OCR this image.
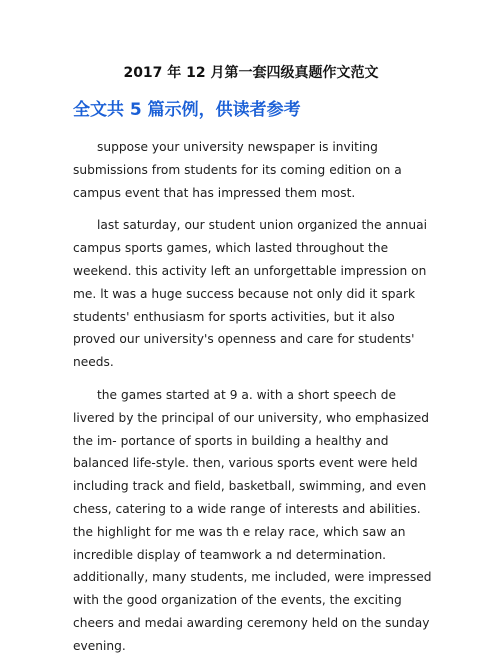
2017 年 12 月第一套四级真题作文范文
全文共 5 篇示例，供读者参考

suppose your university newspaper is inviting submissions from students for its coming edition on a campus event that has impressed them most.

last saturday, our student union organized the annuai campus sports games, which lasted throughout the weekend. this activity left an unforgettable impression on me. lt was a huge success because not only did it spark students' enthusiasm for sports activities, but it also proved our university's openness and care for students' needs.

the games started at 9 a. with a short speech de livered by the principal of our university, who emphasized the im- portance of sports in building a healthy and balanced life-style. then, various sports event were held including track and field, basketball, swimming, and even chess, catering to a wide range of interests and abilities. the highlight for me was th e relay race, which saw an incredible display of teamwork a nd determination. additionally, many students, me included, were impressed with the good organization of the events, the exciting cheers and medai awarding ceremony held on the sunday evening.
